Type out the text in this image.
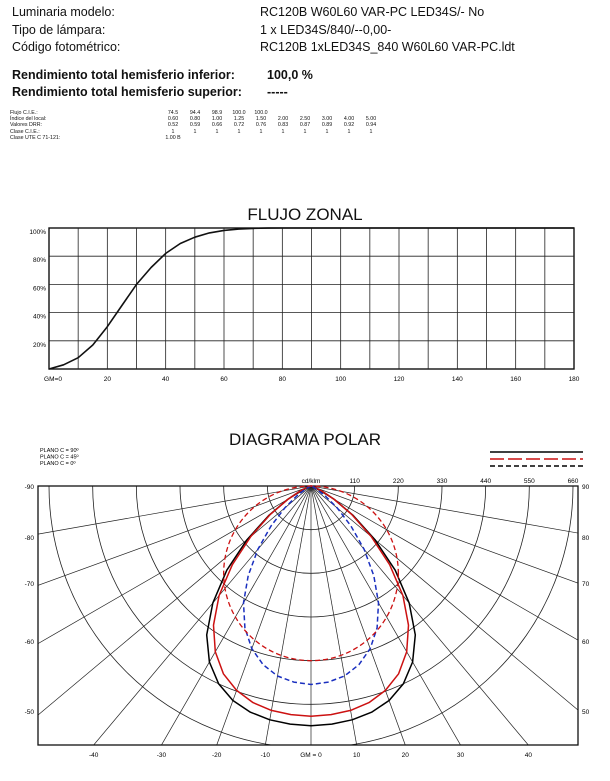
Luminaria modelo:	RC120B W60L60 VAR-PC LED34S/- No
Tipo de lámpara:	1 x LED34S/840/--0,00-
Código fotométrico:	RC120B 1xLED34S_840 W60L60 VAR-PC.ldt
Rendimiento total hemisferio inferior:	100,0 %
Rendimiento total hemisferio superior: -----
Flujo C.I.E.:	74.5	94.4	98.9	100.0	100.0					
Índice del local:	0.60	0.80	1.00	1.25	1.50	2.00	2.50	3.00	4.00	5.00
Valores DRR:	0.52	0.59	0.66	0.72	0.76	0.83	0.87	0.89	0.92	0.94
Clase C.I.E.:	1	1	1	1	1	1	1	1	1	1
Clase UTE C 71-121:	1.00 B									
FLUJO ZONAL
20%
40%
60%
80%
100%
GM=0	20	40	60	80	100	120	140	160	180
DIAGRAMA POLAR
110	220	330	440	550	660
cd/klm
-90
-80
-70
-60
-50
90
80
70
60
50
-40	-30	-20	-10	GM = 0	10	20	30	40
PLANO C = 90º
PLANO C = 45º
PLANO C = 0º
